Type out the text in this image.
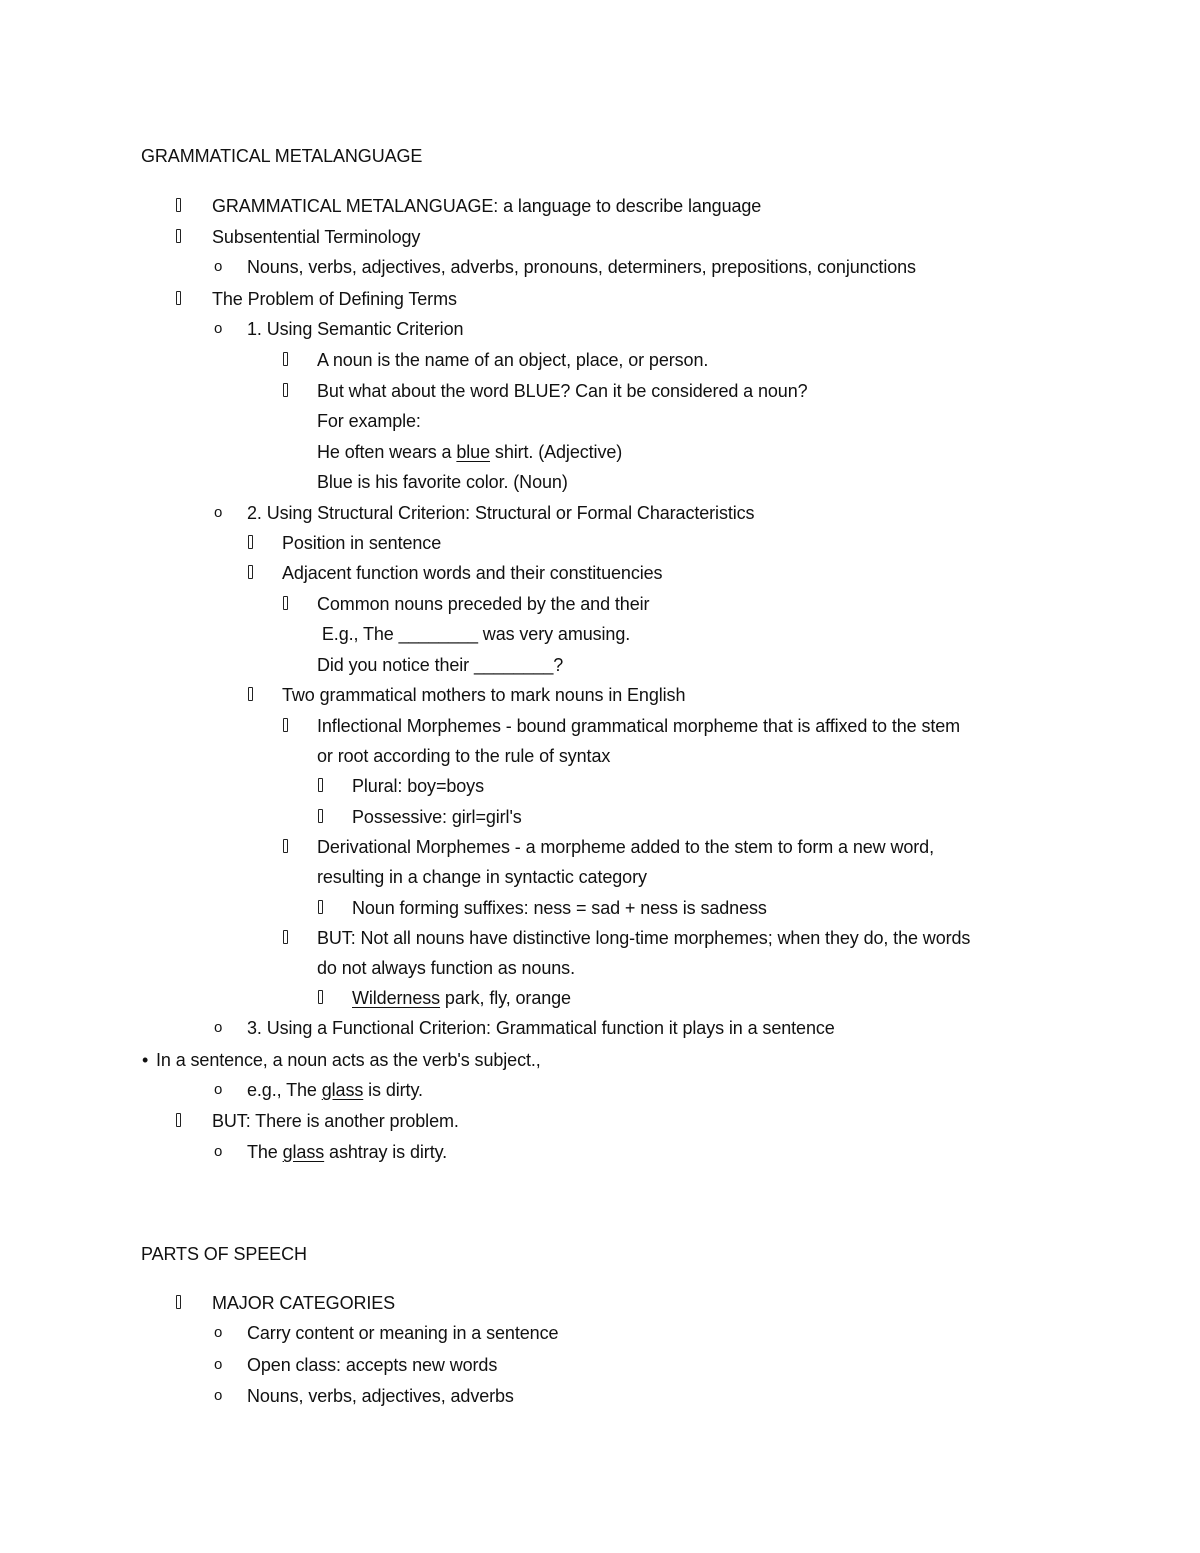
GRAMMATICAL METALANGUAGE
GRAMMATICAL METALANGUAGE: a language to describe language
Subsentential Terminology
o Nouns, verbs, adjectives, adverbs, pronouns, determiners, prepositions, conjunctions
The Problem of Defining Terms
o 1. Using Semantic Criterion
A noun is the name of an object, place, or person.
But what about the word BLUE? Can it be considered a noun?
For example:
He often wears a blue shirt. (Adjective)
Blue is his favorite color. (Noun)
o 2. Using Structural Criterion: Structural or Formal Characteristics
Position in sentence
Adjacent function words and their constituencies
Common nouns preceded by the and their
E.g., The ________ was very amusing.
Did you notice their ________?
Two grammatical mothers to mark nouns in English
Inflectional Morphemes - bound grammatical morpheme that is affixed to the stem
or root according to the rule of syntax
Plural: boy=boys
Possessive: girl=girl's
Derivational Morphemes - a morpheme added to the stem to form a new word,
resulting in a change in syntactic category
Noun forming suffixes: ness = sad + ness is sadness
BUT: Not all nouns have distinctive long-time morphemes; when they do, the words
do not always function as nouns.
Wilderness park, fly, orange
o 3. Using a Functional Criterion: Grammatical function it plays in a sentence
• In a sentence, a noun acts as the verb's subject.,
o e.g., The glass is dirty.
BUT: There is another problem.
o The glass ashtray is dirty.
PARTS OF SPEECH
MAJOR CATEGORIES
o Carry content or meaning in a sentence
o Open class: accepts new words
o Nouns, verbs, adjectives, adverbs
